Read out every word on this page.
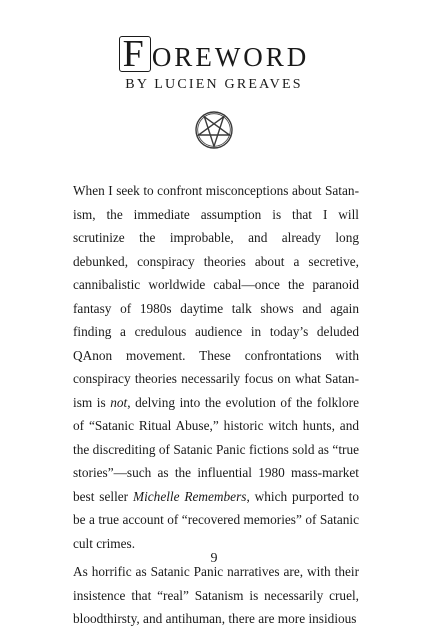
F OREWORD
BY LUCIEN GREAVES

When I seek to confront misconceptions about Satanism, the immediate assumption is that I will scrutinize the improbable, and already long debunked, conspiracy theories about a secretive, cannibalistic worldwide cabal—once the paranoid fantasy of 1980s daytime talk shows and again finding a credulous audience in today’s deluded QAnon movement. These confrontations with conspiracy theories necessarily focus on what Satanism is not, delving into the evolution of the folklore of “Satanic Ritual Abuse,” historic witch hunts, and the discrediting of Satanic Panic fictions sold as “true stories”—such as the influential 1980 mass-market best seller Michelle Remembers, which purported to be a true account of “recovered memories” of Satanic cult crimes.

As horrific as Satanic Panic narratives are, with their insistence that “real” Satanism is necessarily cruel, bloodthirsty, and antihuman, there are more insidious

9
